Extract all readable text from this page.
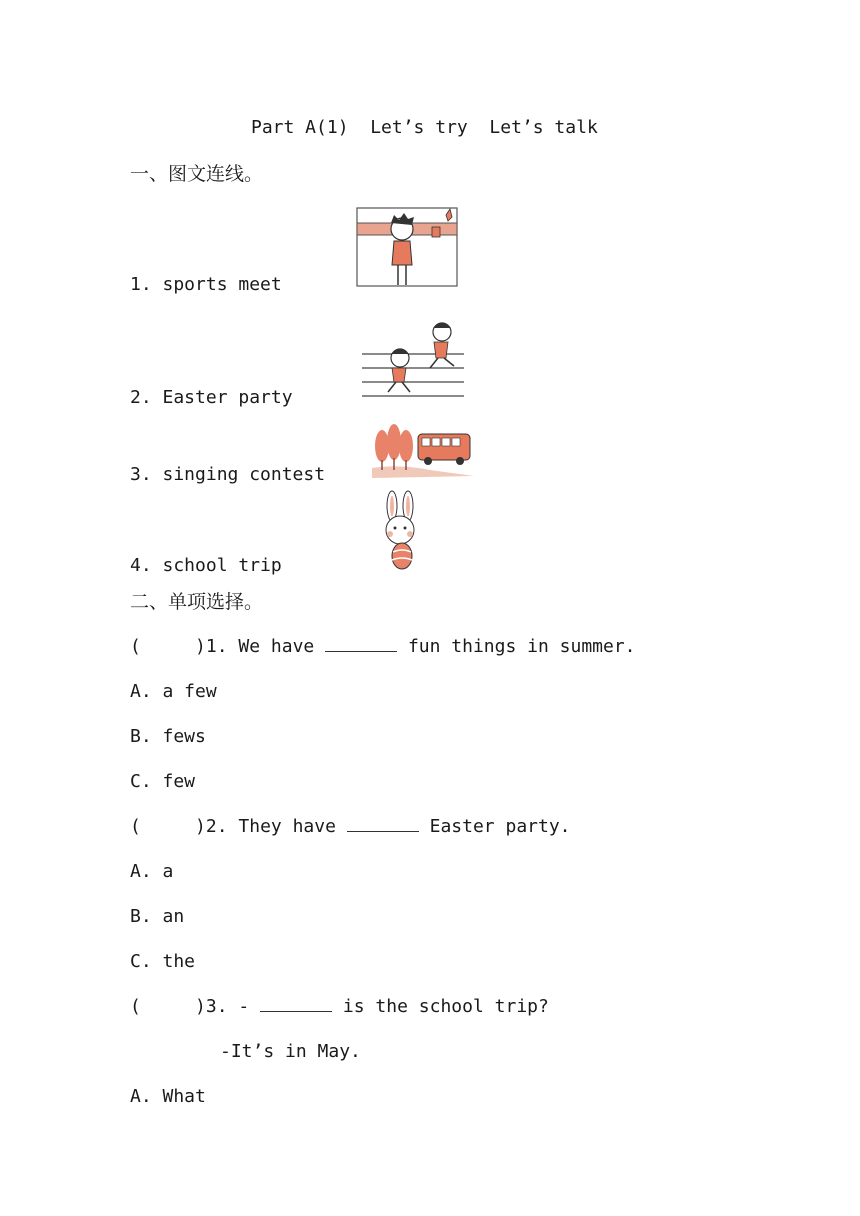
Part A(1)  Let’s try  Let’s talk
一、图文连线。
1. sports meet
2. Easter party
3. singing contest
4. school trip
二、单项选择。
(     )1. We have	fun things in summer.
A. a few
B. fews
C. few
(     )2. They have	Easter party.
A. a
B. an
C. the
(     )3. -	is the school trip?
-It’s in May.
A. What
